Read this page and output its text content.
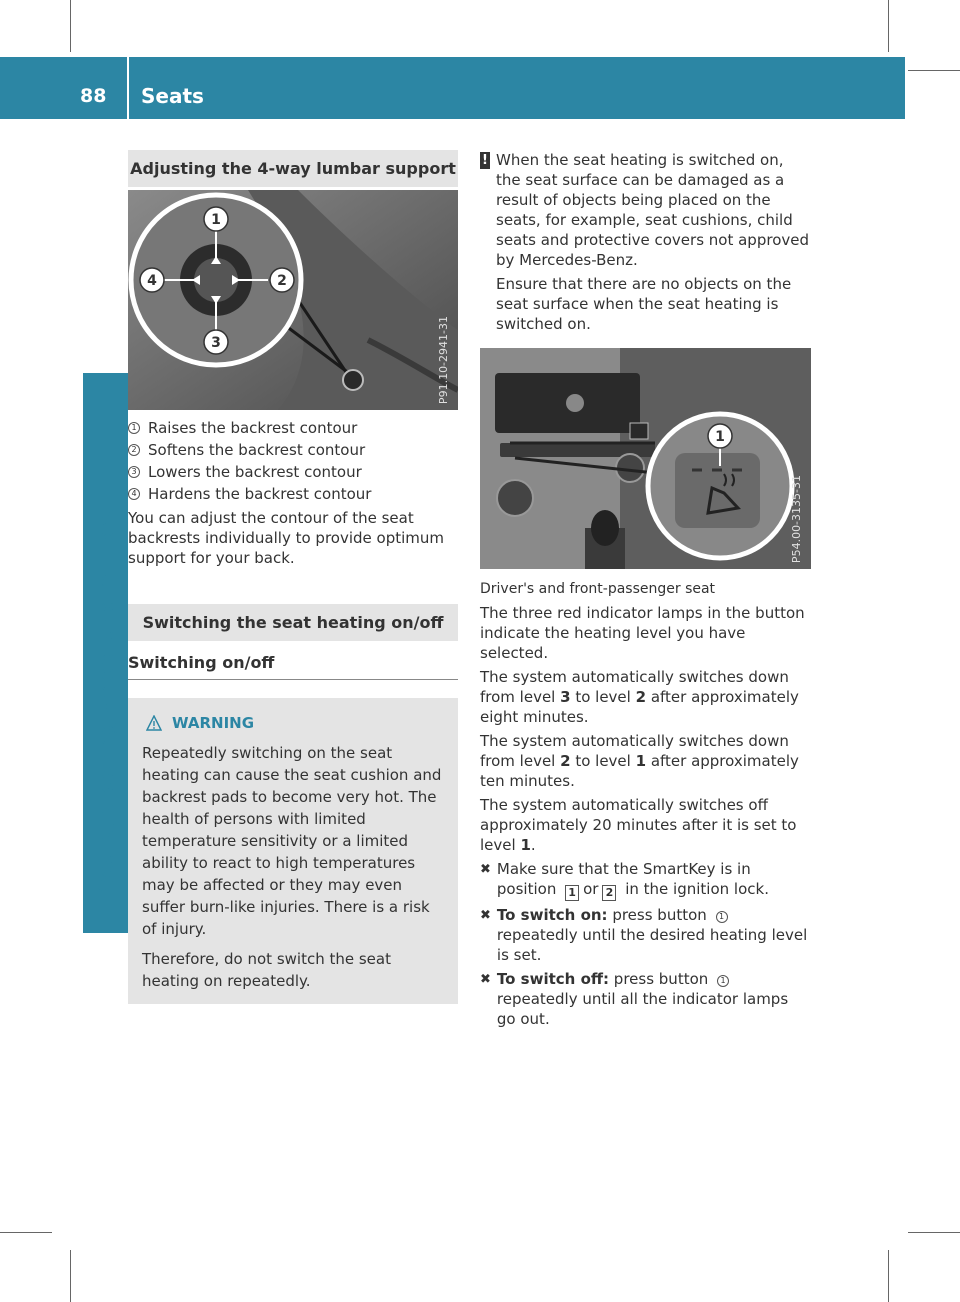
88 Seats
Seats, steering wheel and mirrors
Adjusting the 4-way lumbar support
1
2
3
4
P91.10-2941-31
1 Raises the backrest contour
2 Softens the backrest contour
3 Lowers the backrest contour
4 Hardens the backrest contour

You can adjust the contour of the seat backrests individually to provide optimum support for your back.

Switching the seat heating on/off
Switching on/off
WARNING

Repeatedly switching on the seat heating can cause the seat cushion and backrest pads to become very hot. The health of persons with limited temperature sensitivity or a limited ability to react to high temperatures may be affected or they may even suffer burn-like injuries. There is a risk of injury.

Therefore, do not switch the seat heating on repeatedly.

! When the seat heating is switched on, the seat surface can be damaged as a result of objects being placed on the seats, for example, seat cushions, child seats and protective covers not approved by Mercedes-Benz.

Ensure that there are no objects on the seat surface when the seat heating is switched on.

1
P54.00-3135-31
Driver's and front-passenger seat

The three red indicator lamps in the button indicate the heating level you have selected.

The system automatically switches down from level 3 to level 2 after approximately eight minutes.

The system automatically switches down from level 2 to level 1 after approximately ten minutes.

The system automatically switches off approximately 20 minutes after it is set to level 1.

✖ Make sure that the SmartKey is in position 1 or 2 in the ignition lock.
✖ To switch on: press button 1 repeatedly until the desired heating level is set.
✖ To switch off: press button 1 repeatedly until all the indicator lamps go out.
